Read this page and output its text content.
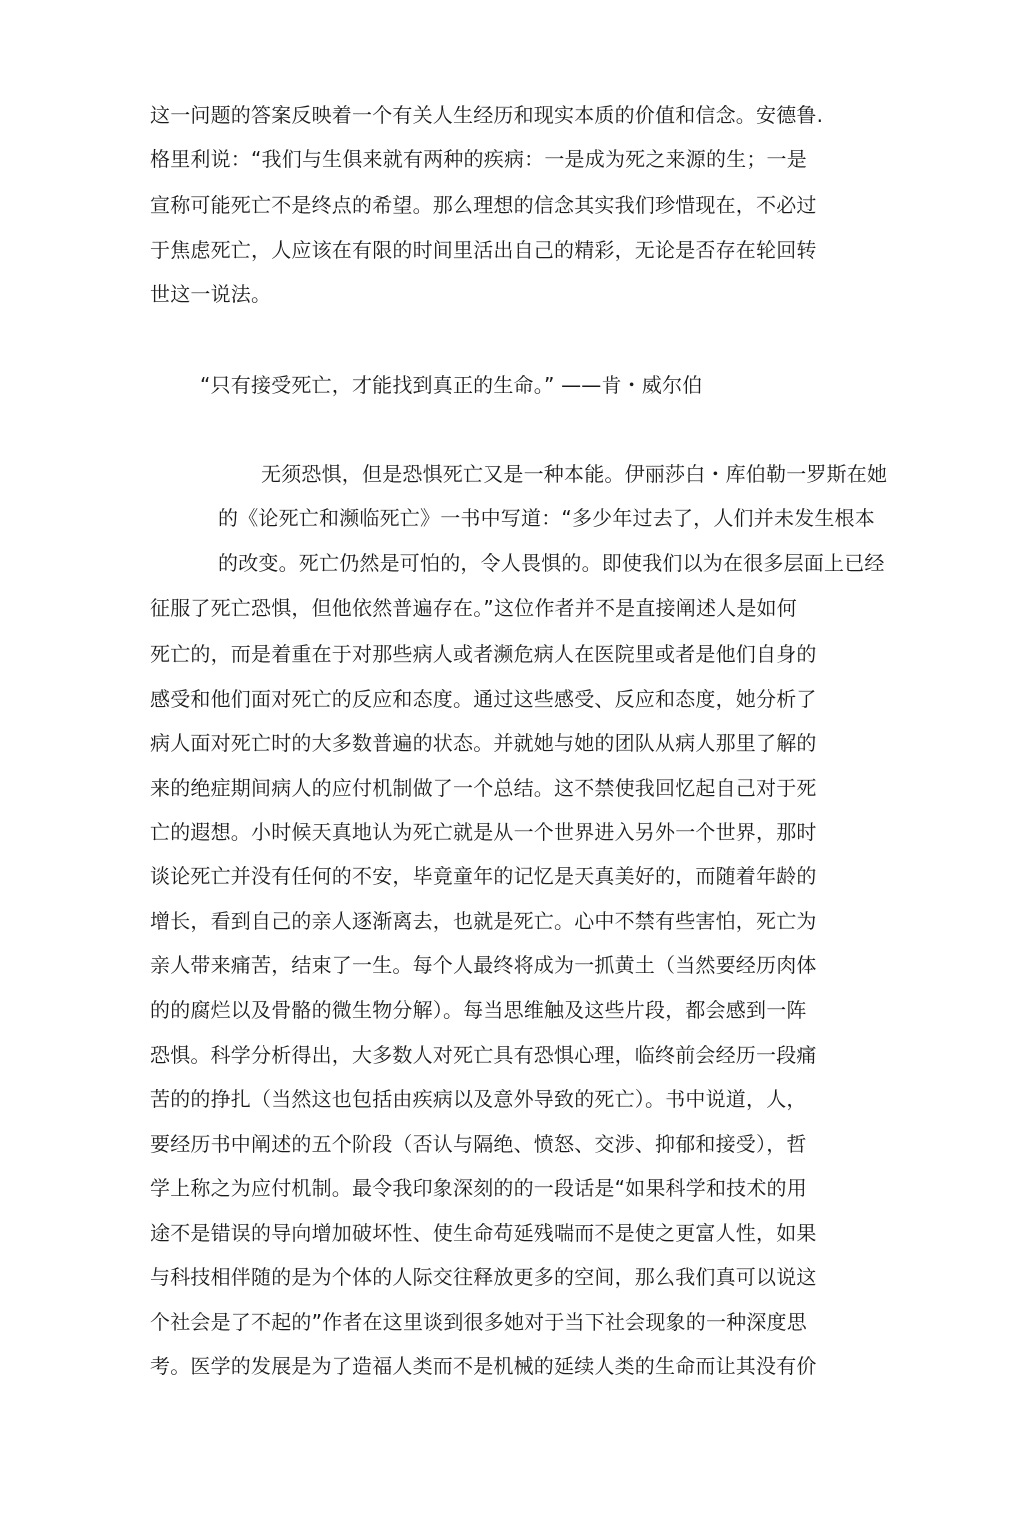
这一问题的答案反映着一个有关人生经历和现实本质的价值和信念。安德鲁.
格里利说：“我们与生俱来就有两种的疾病：一是成为死之来源的生；一是
宣称可能死亡不是终点的希望。那么理想的信念其实我们珍惜现在，不必过
于焦虑死亡，人应该在有限的时间里活出自己的精彩，无论是否存在轮回转
世这一说法。
“只有接受死亡，才能找到真正的生命。” ——肯・威尔伯
无须恐惧，但是恐惧死亡又是一种本能。伊丽莎白・库伯勒一罗斯在她
的《论死亡和濒临死亡》一书中写道：“多少年过去了，人们并未发生根本
的改变。死亡仍然是可怕的，令人畏惧的。即使我们以为在很多层面上已经
征服了死亡恐惧，但他依然普遍存在。”这位作者并不是直接阐述人是如何
死亡的，而是着重在于对那些病人或者濒危病人在医院里或者是他们自身的
感受和他们面对死亡的反应和态度。通过这些感受、反应和态度，她分析了
病人面对死亡时的大多数普遍的状态。并就她与她的团队从病人那里了解的
来的绝症期间病人的应付机制做了一个总结。这不禁使我回忆起自己对于死
亡的遐想。小时候天真地认为死亡就是从一个世界进入另外一个世界，那时
谈论死亡并没有任何的不安，毕竟童年的记忆是天真美好的，而随着年龄的
增长，看到自己的亲人逐渐离去，也就是死亡。心中不禁有些害怕，死亡为
亲人带来痛苦，结束了一生。每个人最终将成为一抓黄土（当然要经历肉体
的的腐烂以及骨骼的微生物分解）。每当思维触及这些片段，都会感到一阵
恐惧。科学分析得出，大多数人对死亡具有恐惧心理，临终前会经历一段痛
苦的的挣扎（当然这也包括由疾病以及意外导致的死亡）。书中说道，人，
要经历书中阐述的五个阶段（否认与隔绝、愤怒、交涉、抑郁和接受），哲
学上称之为应付机制。最令我印象深刻的的一段话是“如果科学和技术的用
途不是错误的导向增加破坏性、使生命苟延残喘而不是使之更富人性，如果
与科技相伴随的是为个体的人际交往释放更多的空间，那么我们真可以说这
个社会是了不起的”作者在这里谈到很多她对于当下社会现象的一种深度思
考。医学的发展是为了造福人类而不是机械的延续人类的生命而让其没有价
